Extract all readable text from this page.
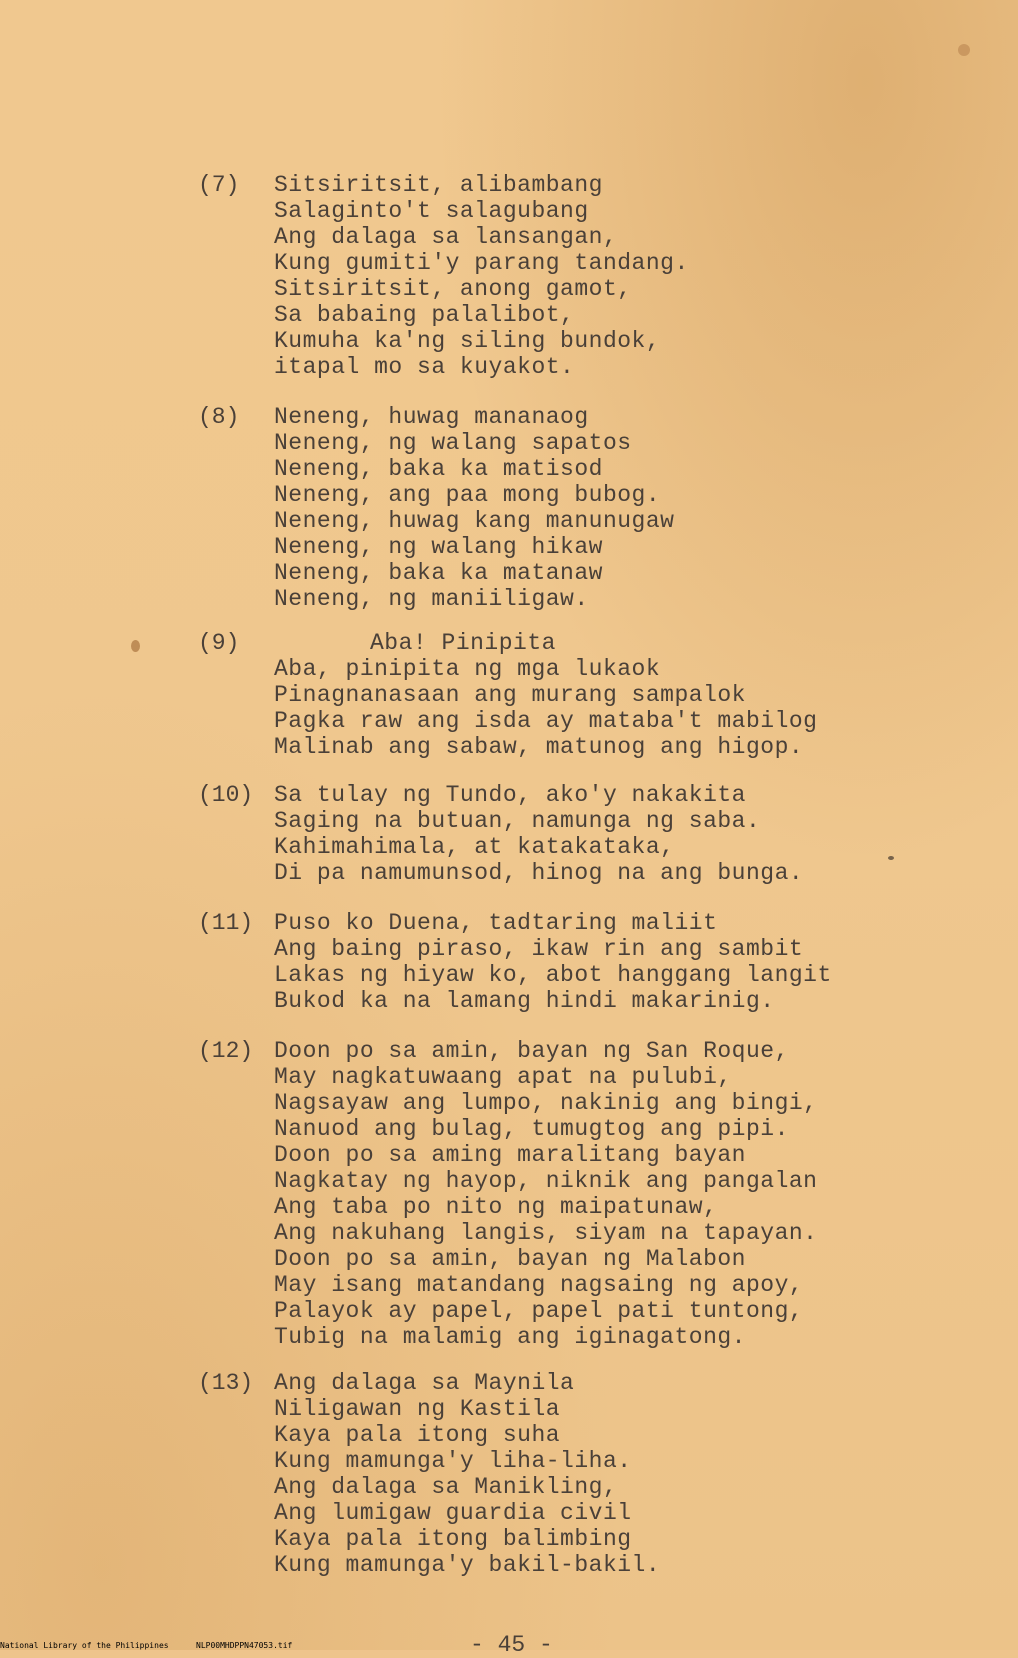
(7)	Sitsiritsit, alibambang
Salaginto't salagubang
Ang dalaga sa lansangan,
Kung gumiti'y parang tandang.
Sitsiritsit, anong gamot,
Sa babaing palalibot,
Kumuha ka'ng siling bundok,
itapal mo sa kuyakot.
(8)	Neneng, huwag mananaog
Neneng, ng walang sapatos
Neneng, baka ka matisod
Neneng, ang paa mong bubog.
Neneng, huwag kang manunugaw
Neneng, ng walang hikaw
Neneng, baka ka matanaw
Neneng, ng maniiligaw.
(9)	Aba! Pinipita
Aba, pinipita ng mga lukaok
Pinagnanasaan ang murang sampalok
Pagka raw ang isda ay mataba't mabilog
Malinab ang sabaw, matunog ang higop.
(10) Sa tulay ng Tundo, ako'y nakakita
Saging na butuan, namunga ng saba.
Kahimahimala, at katakataka,
Di pa namumunsod, hinog na ang bunga.
(11) Puso ko Duena, tadtaring maliit
Ang baing piraso, ikaw rin ang sambit
Lakas ng hiyaw ko, abot hanggang langit
Bukod ka na lamang hindi makarinig.
(12) Doon po sa amin, bayan ng San Roque,
May nagkatuwaang apat na pulubi,
Nagsayaw ang lumpo, nakinig ang bingi,
Nanuod ang bulag, tumugtog ang pipi.
Doon po sa aming maralitang bayan
Nagkatay ng hayop, niknik ang pangalan
Ang taba po nito ng maipatunaw,
Ang nakuhang langis, siyam na tapayan.
Doon po sa amin, bayan ng Malabon
May isang matandang nagsaing ng apoy,
Palayok ay papel, papel pati tuntong,
Tubig na malamig ang iginagatong.
(13) Ang dalaga sa Maynila
Niligawan ng Kastila
Kaya pala itong suha
Kung mamunga'y liha-liha.
Ang dalaga sa Manikling,
Ang lumigaw guardia civil
Kaya pala itong balimbing
Kung mamunga'y bakil-bakil.
- 45 -

National Library of the Philippines

	NLP00MHDPPN47053.tif
